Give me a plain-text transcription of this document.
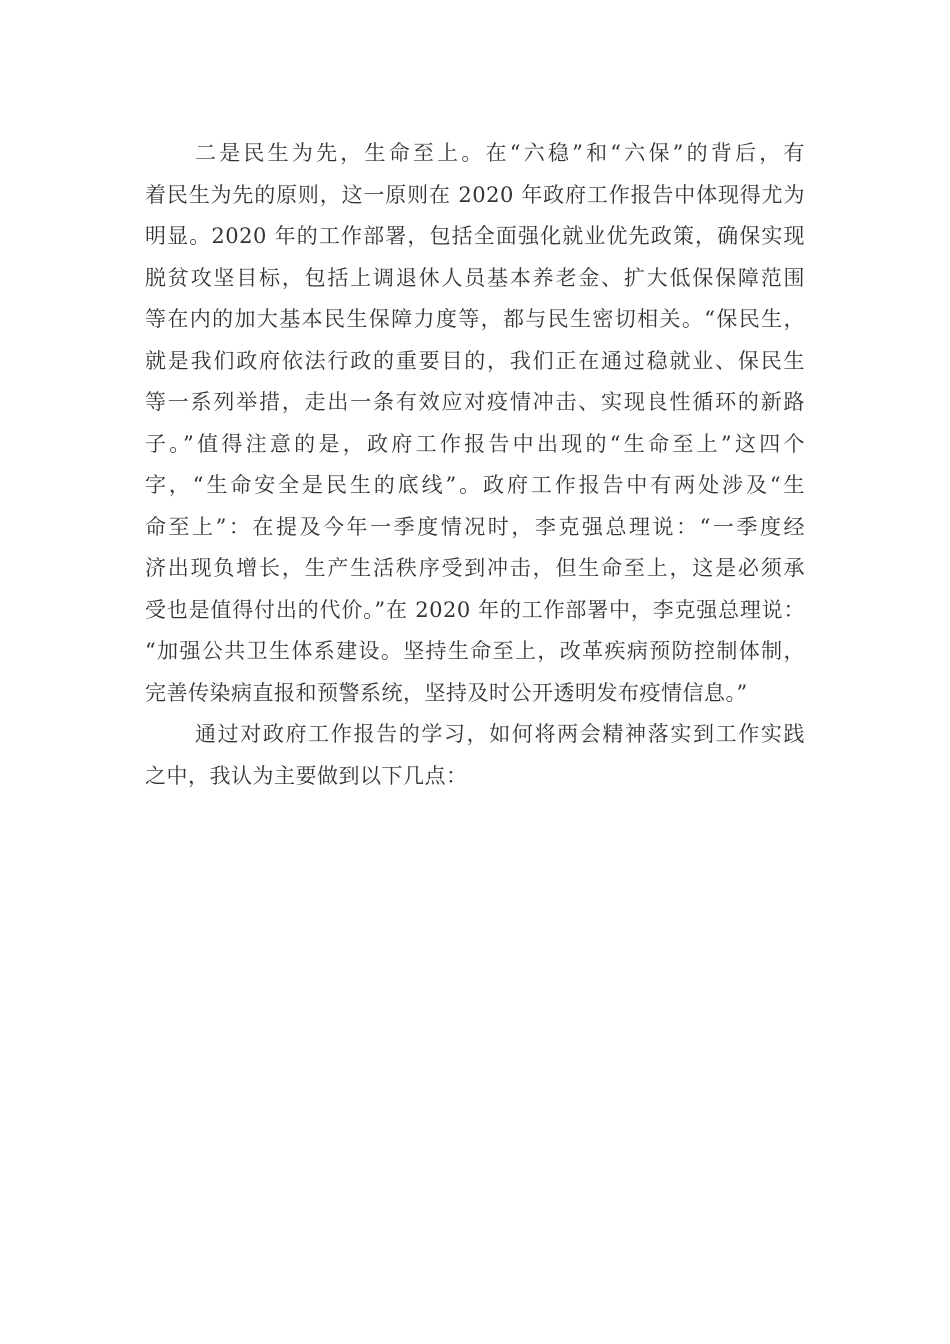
二是民生为先，生命至上。在“六稳”和“六保”的背后，有
着民生为先的原则，这一原则在 2020 年政府工作报告中体现得尤为
明显。2020 年的工作部署，包括全面强化就业优先政策，确保实现
脱贫攻坚目标，包括上调退休人员基本养老金、扩大低保保障范围
等在内的加大基本民生保障力度等，都与民生密切相关。“保民生，
就是我们政府依法行政的重要目的，我们正在通过稳就业、保民生
等一系列举措，走出一条有效应对疫情冲击、实现良性循环的新路
子。”值得注意的是，政府工作报告中出现的“生命至上”这四个
字，“生命安全是民生的底线”。政府工作报告中有两处涉及“生
命至上”：在提及今年一季度情况时，李克强总理说：“一季度经
济出现负增长，生产生活秩序受到冲击，但生命至上，这是必须承
受也是值得付出的代价。”在 2020 年的工作部署中，李克强总理说：
“加强公共卫生体系建设。坚持生命至上，改革疾病预防控制体制，
完善传染病直报和预警系统，坚持及时公开透明发布疫情信息。”
通过对政府工作报告的学习，如何将两会精神落实到工作实践
之中，我认为主要做到以下几点：
